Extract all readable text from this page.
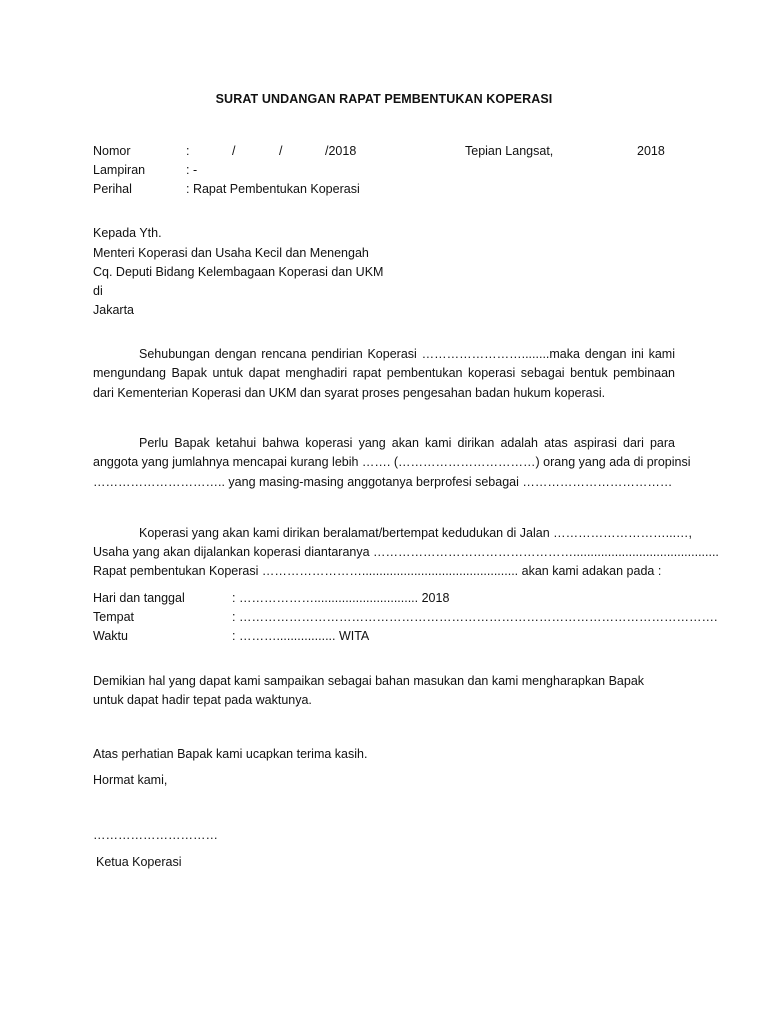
SURAT UNDANGAN RAPAT PEMBENTUKAN KOPERASI
Nomor	:	/	/	/2018	Tepian Langsat,	2018
Lampiran	: -
Perihal	: Rapat Pembentukan Koperasi
Kepada Yth.
Menteri Koperasi dan Usaha Kecil dan Menengah
Cq. Deputi Bidang Kelembagaan Koperasi dan UKM
di
Jakarta
Sehubungan dengan rencana pendirian Koperasi ……………………........maka dengan ini kami
mengundang Bapak untuk dapat menghadiri rapat pembentukan koperasi sebagai bentuk pembinaan
dari Kementerian Koperasi dan UKM dan syarat proses pengesahan badan hukum koperasi.
Perlu Bapak ketahui bahwa koperasi yang akan kami dirikan adalah atas aspirasi dari para
anggota yang jumlahnya mencapai kurang lebih ……. (……………………………) orang yang ada di propinsi
………………………….. yang masing-masing anggotanya berprofesi sebagai ………………………………
Koperasi yang akan kami dirikan beralamat/bertempat kedudukan di Jalan ………………………...…,
Usaha yang akan dijalankan koperasi diantaranya …………………………………………..........................................
Rapat pembentukan Koperasi ……………………............................................. akan kami adakan pada :
Hari dan tanggal	: ……………….............................. 2018
Tempat	: …………………………………………………………………………………………………….
Waktu	: ………................. WITA
Demikian hal yang dapat kami sampaikan sebagai bahan masukan dan kami mengharapkan Bapak
untuk dapat hadir tepat pada waktunya.
Atas perhatian Bapak kami ucapkan terima kasih.
Hormat kami,
…………………………
Ketua Koperasi
